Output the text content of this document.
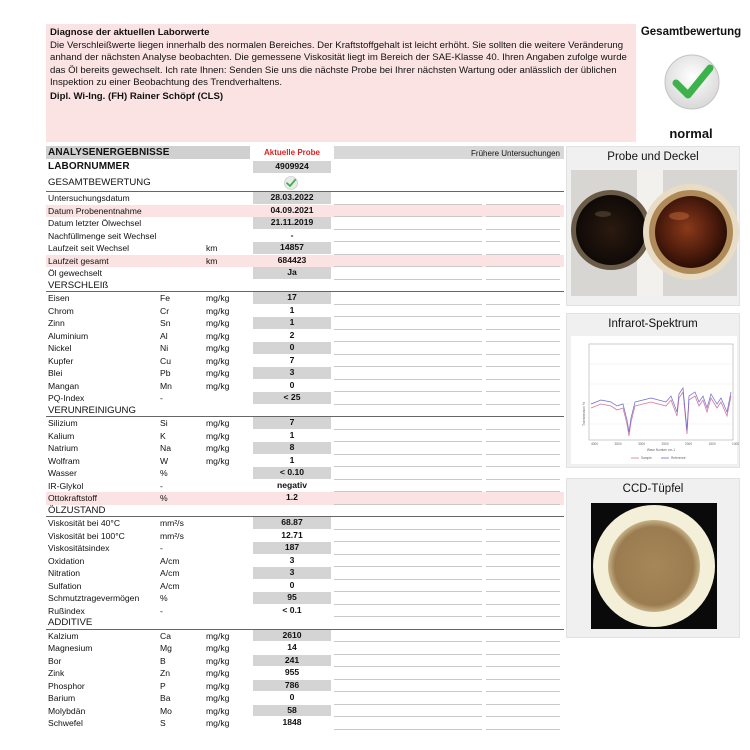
Diagnose der aktuellen Laborwerte
Die Verschleißwerte liegen innerhalb des normalen Bereiches. Der Kraftstoffgehalt ist leicht erhöht. Sie sollten die weitere Veränderung anhand der nächsten Analyse beobachten. Die gemessene Viskosität liegt im Bereich der SAE-Klasse 40. Ihren Angaben zufolge wurde das Öl bereits gewechselt. Ich rate Ihnen: Senden Sie uns die nächste Probe bei Ihrer nächsten Wartung oder anlässlich der üblichen Inspektion zu einer Beobachtung des Trendverhaltens.
Dipl. Wi-Ing. (FH) Rainer Schöpf (CLS)
Gesamtbewertung
normal
ANALYSENERGEBNISSE	Aktuelle Probe	Frühere Untersuchungen
LABORNUMMER	4909924
GESAMTBEWERTUNG
Untersuchungsdatum	28.03.2022
Datum Probenentnahme	04.09.2021
Datum letzter Ölwechsel	21.11.2019
Nachfüllmenge seit Wechsel	-
Laufzeit seit Wechsel	km	14857
Laufzeit gesamt	km	684423
Öl gewechselt	Ja
VERSCHLEIß
Eisen	Fe	mg/kg	17
Chrom	Cr	mg/kg	1
Zinn	Sn	mg/kg	1
Aluminium	Al	mg/kg	2
Nickel	Ni	mg/kg	0
Kupfer	Cu	mg/kg	7
Blei	Pb	mg/kg	3
Mangan	Mn	mg/kg	0
PQ-Index	-	< 25
VERUNREINIGUNG
Silizium	Si	mg/kg	7
Kalium	K	mg/kg	1
Natrium	Na	mg/kg	8
Wolfram	W	mg/kg	1
Wasser	%	< 0.10
IR-Glykol	-	negativ
Ottokraftstoff	%	1.2
ÖLZUSTAND
Viskosität bei 40°C	mm²/s	68.87
Viskosität bei 100°C	mm²/s	12.71
Viskositätsindex	-	187
Oxidation	A/cm	3
Nitration	A/cm	3
Sulfation	A/cm	0
Schmutztragevermögen %	95
Rußindex	-	< 0.1
ADDITIVE
Kalzium	Ca	mg/kg	2610
Magnesium	Mg	mg/kg	14
Bor	B	mg/kg	241
Zink	Zn	mg/kg	955
Phosphor	P	mg/kg	786
Barium	Ba	mg/kg	0
Molybdän	Mo	mg/kg	58
Schwefel	S	mg/kg	1848
Probe und Deckel
Infrarot-Spektrum
Transmission %
4000	3500	3000	2500	2000	1500	1000
Wave Number cm-1
Sample	Reference
CCD-Tüpfel
